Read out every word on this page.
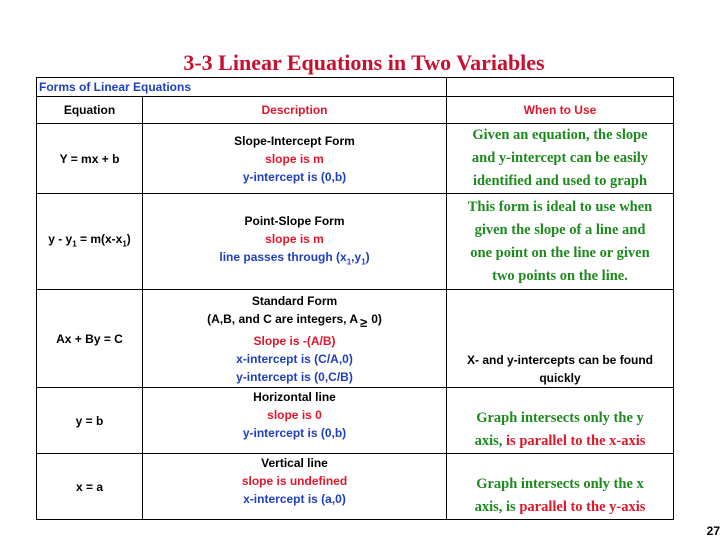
3-3 Linear Equations in Two Variables
Forms of Linear Equations		
Equation	Description	When to Use
Y = mx + b	Slope-Intercept Form
slope is m
y-intercept is (0,b)	Given an equation, the slope
and y-intercept can be easily
identified and used to graph

$y - y_1 = m(x-x_1)$	Point-Slope Form
slope is m
line passes through $(x_1,y_1)$	This form is ideal to use when
given the slope of a line and
one point on the line or given
two points on the line.

Ax + By = C	Standard Form
(A,B, and C are integers, A ≥ 0)
Slope is -(A/B)
x-intercept is (C/A,0)
y-intercept is (0,C/B)	X- and y-intercepts can be found
quickly

y = b	Horizontal line
slope is 0
y-intercept is (0,b)	Graph intersects only the y
axis, is parallel to the x-axis

x = a	Vertical line
slope is undefined
x-intercept is (a,0)	Graph intersects only the x
axis, is parallel to the y-axis
27
